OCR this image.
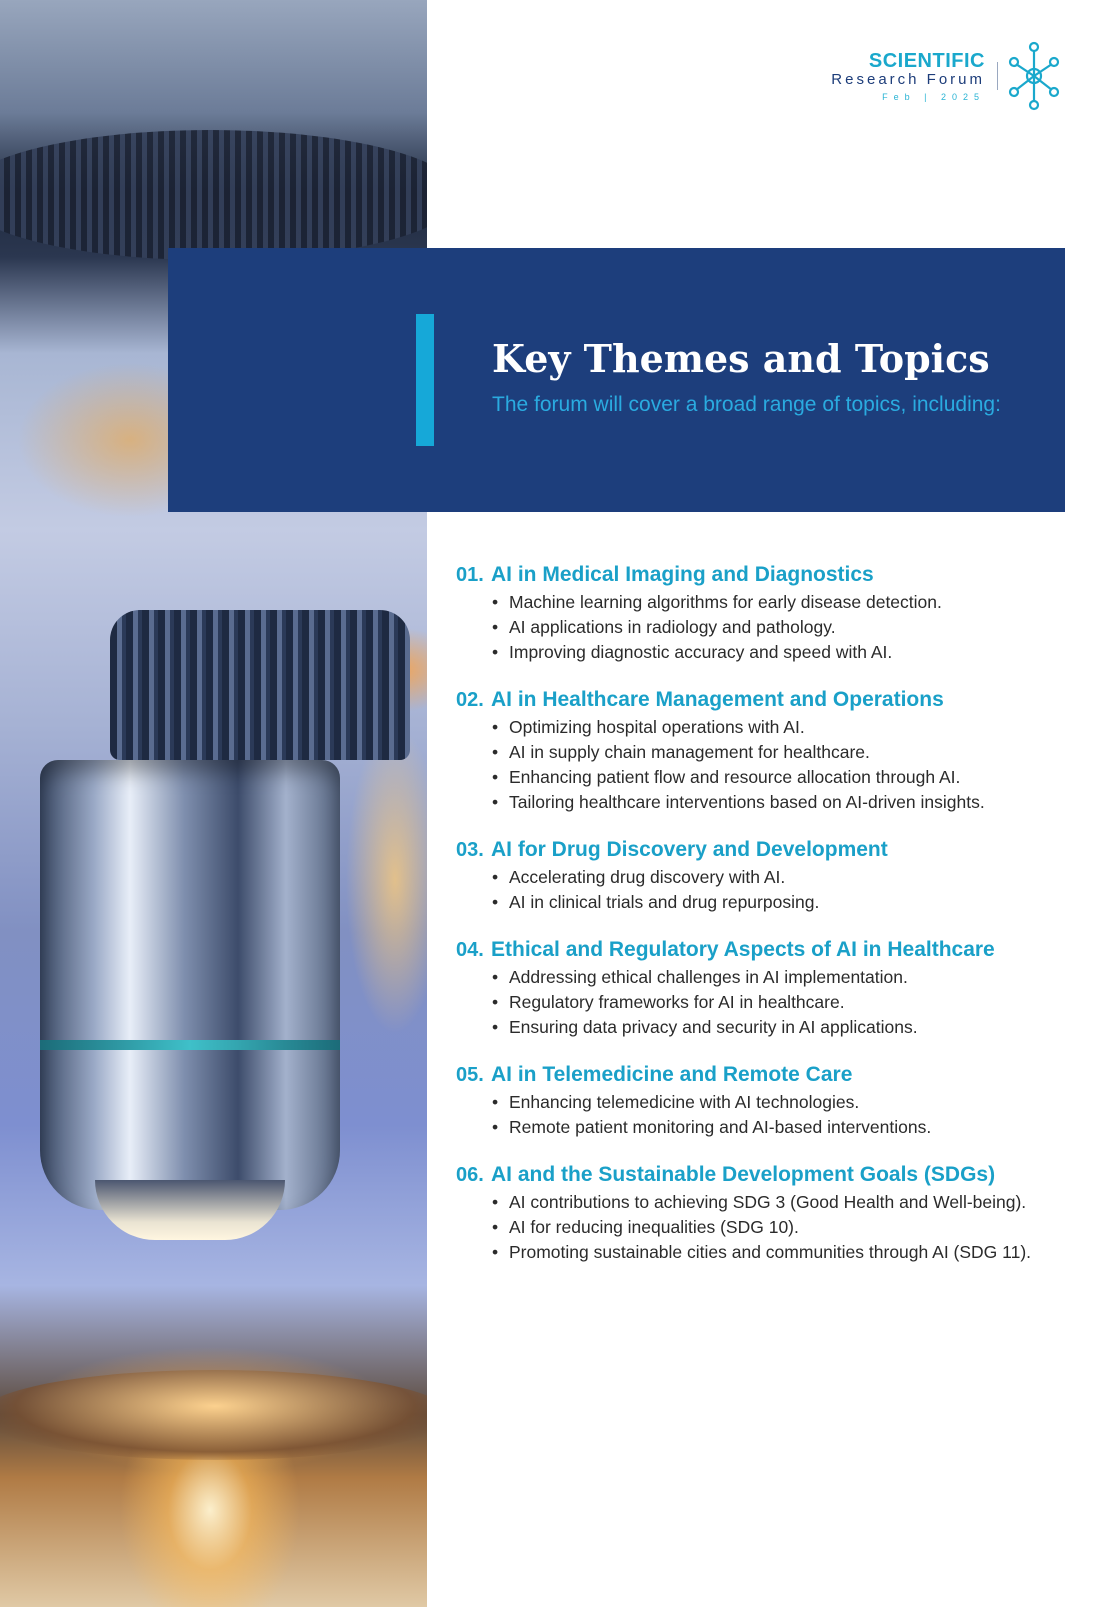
SCIENTIFIC
Research Forum
Feb | 2025
Key Themes and Topics

The forum will cover a broad range of topics, including:

01. AI in Medical Imaging and Diagnostics
• Machine learning algorithms for early disease detection.
• AI applications in radiology and pathology.
• Improving diagnostic accuracy and speed with AI.
02. AI in Healthcare Management and Operations
• Optimizing hospital operations with AI.
• AI in supply chain management for healthcare.
• Enhancing patient flow and resource allocation through AI.
• Tailoring healthcare interventions based on AI-driven insights.
03. AI for Drug Discovery and Development
• Accelerating drug discovery with AI.
• AI in clinical trials and drug repurposing.
04. Ethical and Regulatory Aspects of AI in Healthcare
• Addressing ethical challenges in AI implementation.
• Regulatory frameworks for AI in healthcare.
• Ensuring data privacy and security in AI applications.
05. AI in Telemedicine and Remote Care
• Enhancing telemedicine with AI technologies.
• Remote patient monitoring and AI-based interventions.
06. AI and the Sustainable Development Goals (SDGs)
• AI contributions to achieving SDG 3 (Good Health and Well-being).
• AI for reducing inequalities (SDG 10).
• Promoting sustainable cities and communities through AI (SDG 11).
